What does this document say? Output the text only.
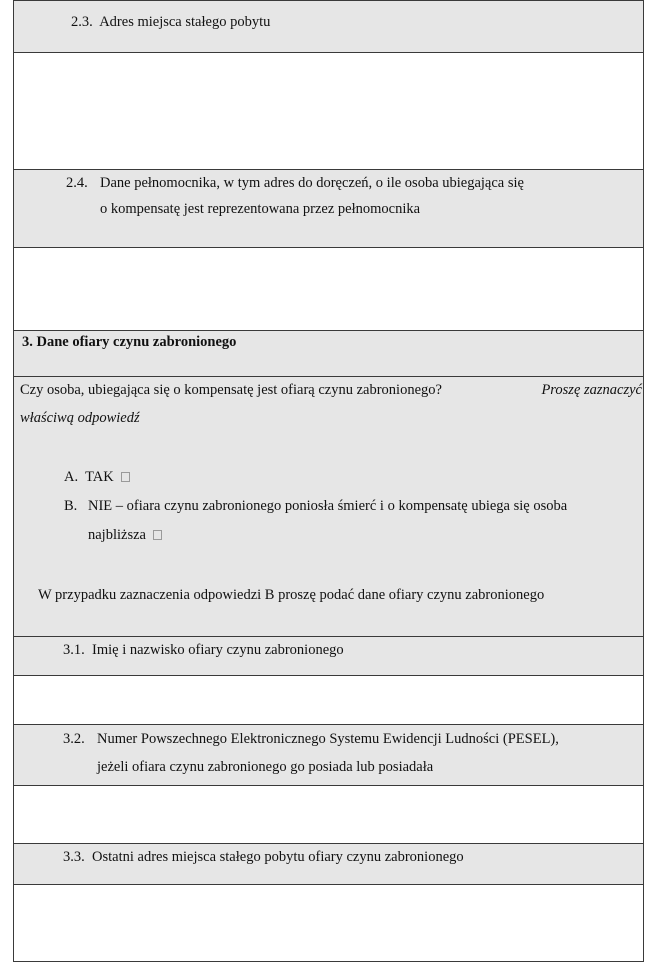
2.3. Adres miejsca stałego pobytu
2.4. Dane pełnomocnika, w tym adres do doręczeń, o ile osoba ubiegająca się
o kompensatę jest reprezentowana przez pełnomocnika
3. Dane ofiary czynu zabronionego
Czy osoba, ubiegająca się o kompensatę jest ofiarą czynu zabronionego?	Proszę zaznaczyć
właściwą odpowiedź
A. TAK
B. NIE – ofiara czynu zabronionego poniosła śmierć i o kompensatę ubiega się osoba
najbliższa
W przypadku zaznaczenia odpowiedzi B proszę podać dane ofiary czynu zabronionego
3.1. Imię i nazwisko ofiary czynu zabronionego
3.2. Numer Powszechnego Elektronicznego Systemu Ewidencji Ludności (PESEL),
jeżeli ofiara czynu zabronionego go posiada lub posiadała
3.3. Ostatni adres miejsca stałego pobytu ofiary czynu zabronionego
